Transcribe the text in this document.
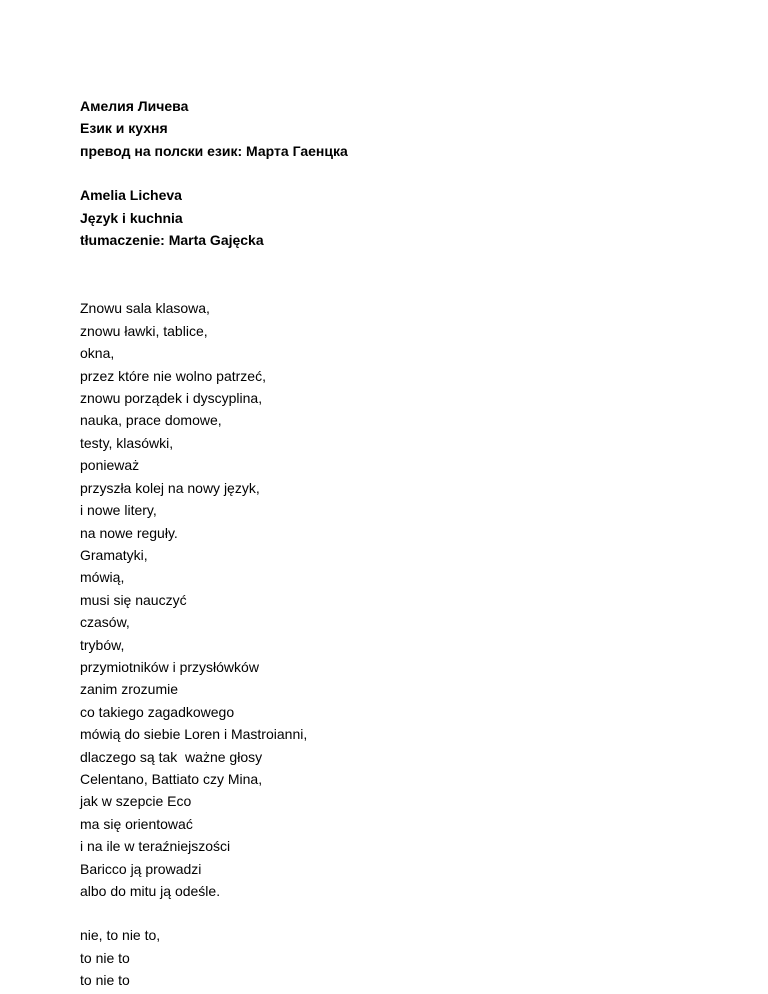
Амелия Личева
Език и кухня
превод на полски език: Марта Гаенцка
Amelia Licheva
Język i kuchnia
tłumaczenie: Marta Gajęcka
Znowu sala klasowa,
znowu ławki, tablice,
okna,
przez które nie wolno patrzeć,
znowu porządek i dyscyplina,
nauka, prace domowe,
testy, klasówki,
ponieważ
przyszła kolej na nowy język,
i nowe litery,
na nowe reguły.
Gramatyki,
mówią,
musi się nauczyć
czasów,
trybów,
przymiotników i przysłówków
zanim zrozumie
co takiego zagadkowego
mówią do siebie Loren i Mastroianni,
dlaczego są tak  ważne głosy
Celentano, Battiato czy Mina,
jak w szepcie Eco
ma się orientować
i na ile w teraźniejszości
Baricco ją prowadzi
albo do mitu ją odeśle.
nie, to nie to,
to nie to
to nie to
